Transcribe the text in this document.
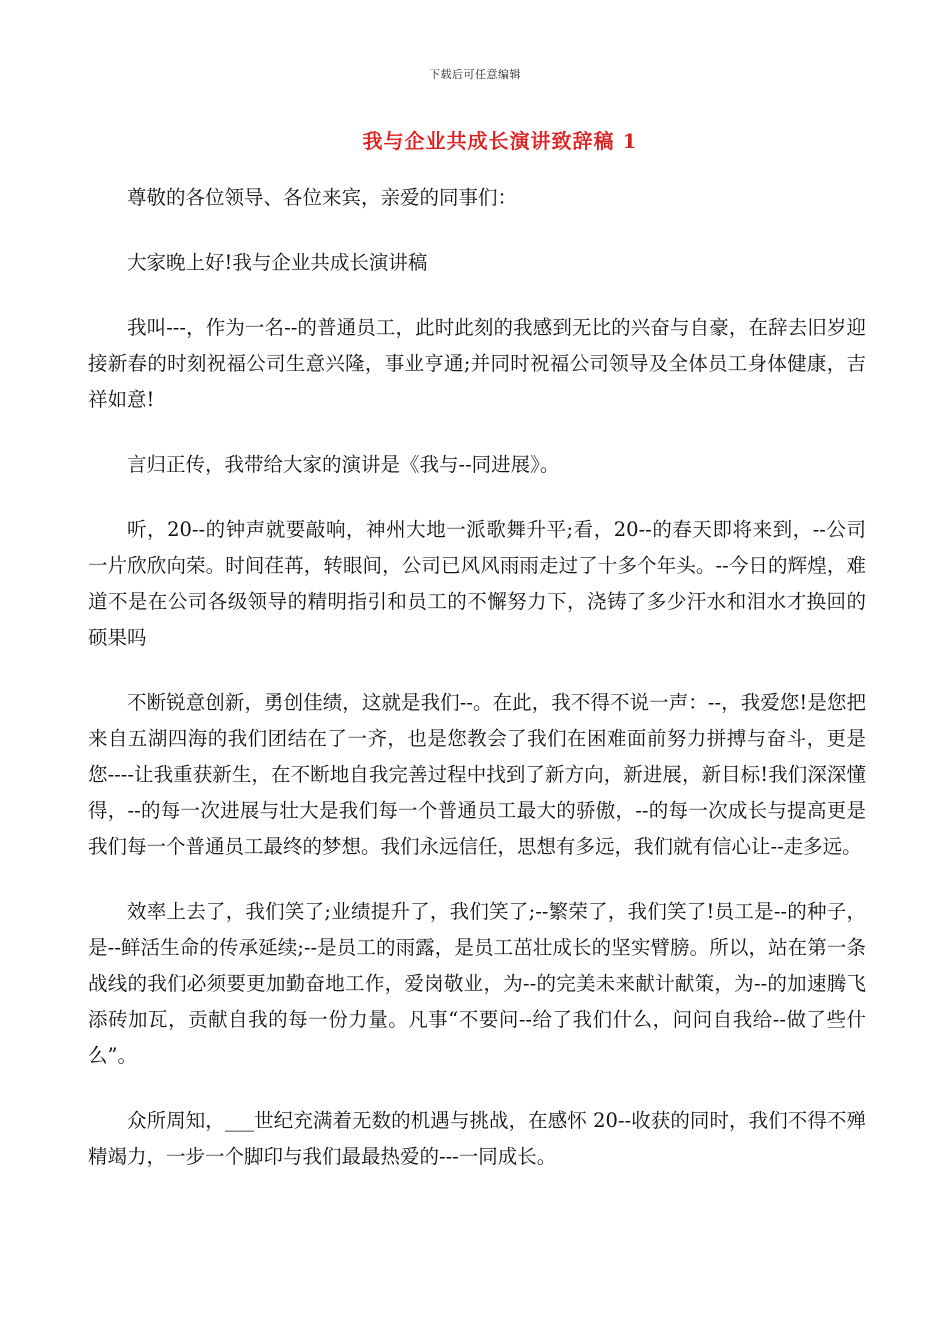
下载后可任意编辑
我与企业共成长演讲致辞稿 1

尊敬的各位领导、各位来宾，亲爱的同事们：

大家晚上好!我与企业共成长演讲稿

我叫---，作为一名--的普通员工，此时此刻的我感到无比的兴奋与自豪，在辞去旧岁迎接新春的时刻祝福公司生意兴隆，事业亨通;并同时祝福公司领导及全体员工身体健康，吉祥如意!

言归正传，我带给大家的演讲是《我与--同进展》。

听，20--的钟声就要敲响，神州大地一派歌舞升平;看，20--的春天即将来到，--公司一片欣欣向荣。时间荏苒，转眼间，公司已风风雨雨走过了十多个年头。--今日的辉煌，难道不是在公司各级领导的精明指引和员工的不懈努力下，浇铸了多少汗水和泪水才换回的硕果吗

不断锐意创新，勇创佳绩，这就是我们--。在此，我不得不说一声：--，我爱您!是您把来自五湖四海的我们团结在了一齐，也是您教会了我们在困难面前努力拼搏与奋斗，更是您----让我重获新生，在不断地自我完善过程中找到了新方向，新进展，新目标!我们深深懂得，--的每一次进展与壮大是我们每一个普通员工最大的骄傲，--的每一次成长与提高更是我们每一个普通员工最终的梦想。我们永远信任，思想有多远，我们就有信心让--走多远。

效率上去了，我们笑了;业绩提升了，我们笑了;--繁荣了，我们笑了!员工是--的种子，是--鲜活生命的传承延续;--是员工的雨露，是员工茁壮成长的坚实臂膀。所以，站在第一条战线的我们必须要更加勤奋地工作，爱岗敬业，为--的完美未来献计献策，为--的加速腾飞添砖加瓦，贡献自我的每一份力量。凡事“不要问--给了我们什么，问问自我给--做了些什么”。

众所周知，___世纪充满着无数的机遇与挑战，在感怀 20--收获的同时，我们不得不殚精竭力，一步一个脚印与我们最最热爱的---一同成长。
